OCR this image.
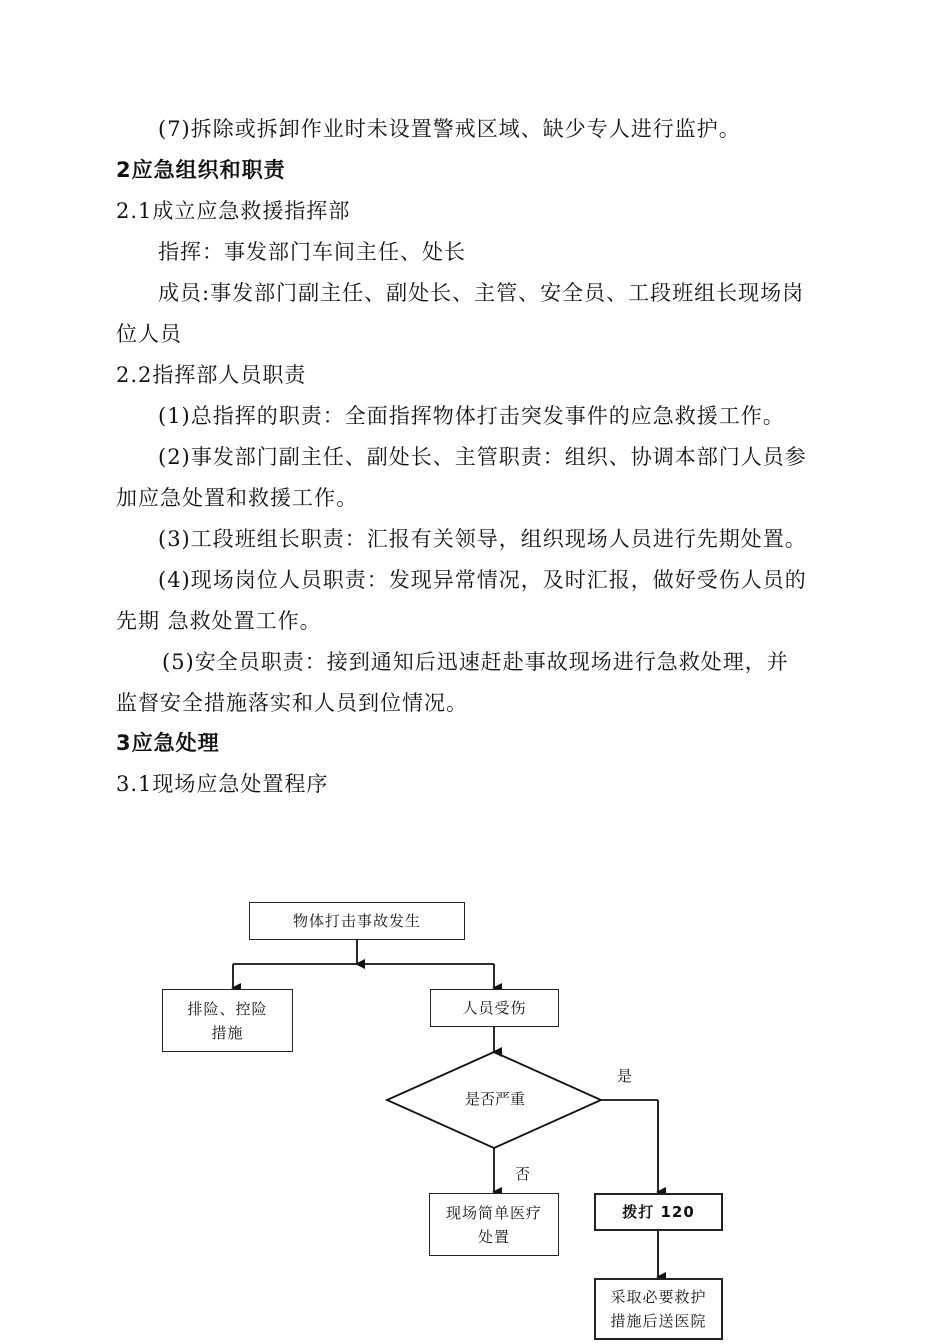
(7)拆除或拆卸作业时未设置警戒区域、缺少专人进行监护。
2应急组织和职责
2.1成立应急救援指挥部
指挥：事发部门车间主任、处长
成员:事发部门副主任、副处长、主管、安全员、工段班组长现场岗
位人员
2.2指挥部人员职责
(1)总指挥的职责：全面指挥物体打击突发事件的应急救援工作。
(2)事发部门副主任、副处长、主管职责：组织、协调本部门人员参
加应急处置和救援工作。
(3)工段班组长职责：汇报有关领导，组织现场人员进行先期处置。
(4)现场岗位人员职责：发现异常情况，及时汇报，做好受伤人员的
先期 急救处置工作。
(5)安全员职责：接到通知后迅速赶赴事故现场进行急救处理，并
监督安全措施落实和人员到位情况。
3应急处理
3.1现场应急处置程序
物体打击事故发生
排险、控险
措施
人员受伤
是否严重
是
否
现场简单医疗
处置
拨打 120
采取必要救护
措施后送医院
